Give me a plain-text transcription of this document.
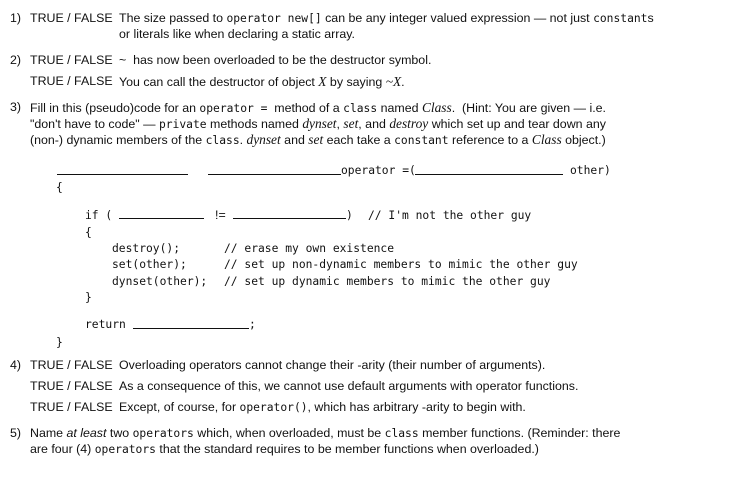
1) TRUE / FALSE The size passed to operator new[] can be any integer valued expression — not just constants
or literals like when declaring a static array.
2) TRUE / FALSE ~ has now been overloaded to be the destructor symbol.
TRUE / FALSE You can call the destructor of object X by saying ~X.
3) Fill in this (pseudo)code for an operator = method of a class named Class.  (Hint: You are given — i.e.
"don't have to code" — private methods named dynset, set, and destroy which set up and tear down any
(non-) dynamic members of the class. dynset and set each take a constant reference to a Class object.)
operator =(	other)
{
if (	!=	) // I'm not the other guy
{
destroy();	// erase my own existence
set(other);	// set up non-dynamic members to mimic the other guy
dynset(other); // set up dynamic members to mimic the other guy
}
return	;
}
4) TRUE / FALSE Overloading operators cannot change their -arity (their number of arguments).
TRUE / FALSE As a consequence of this, we cannot use default arguments with operator functions.
TRUE / FALSE Except, of course, for operator(), which has arbitrary -arity to begin with.
5) Name at least two operators which, when overloaded, must be class member functions. (Reminder: there
are four (4) operators that the standard requires to be member functions when overloaded.)
